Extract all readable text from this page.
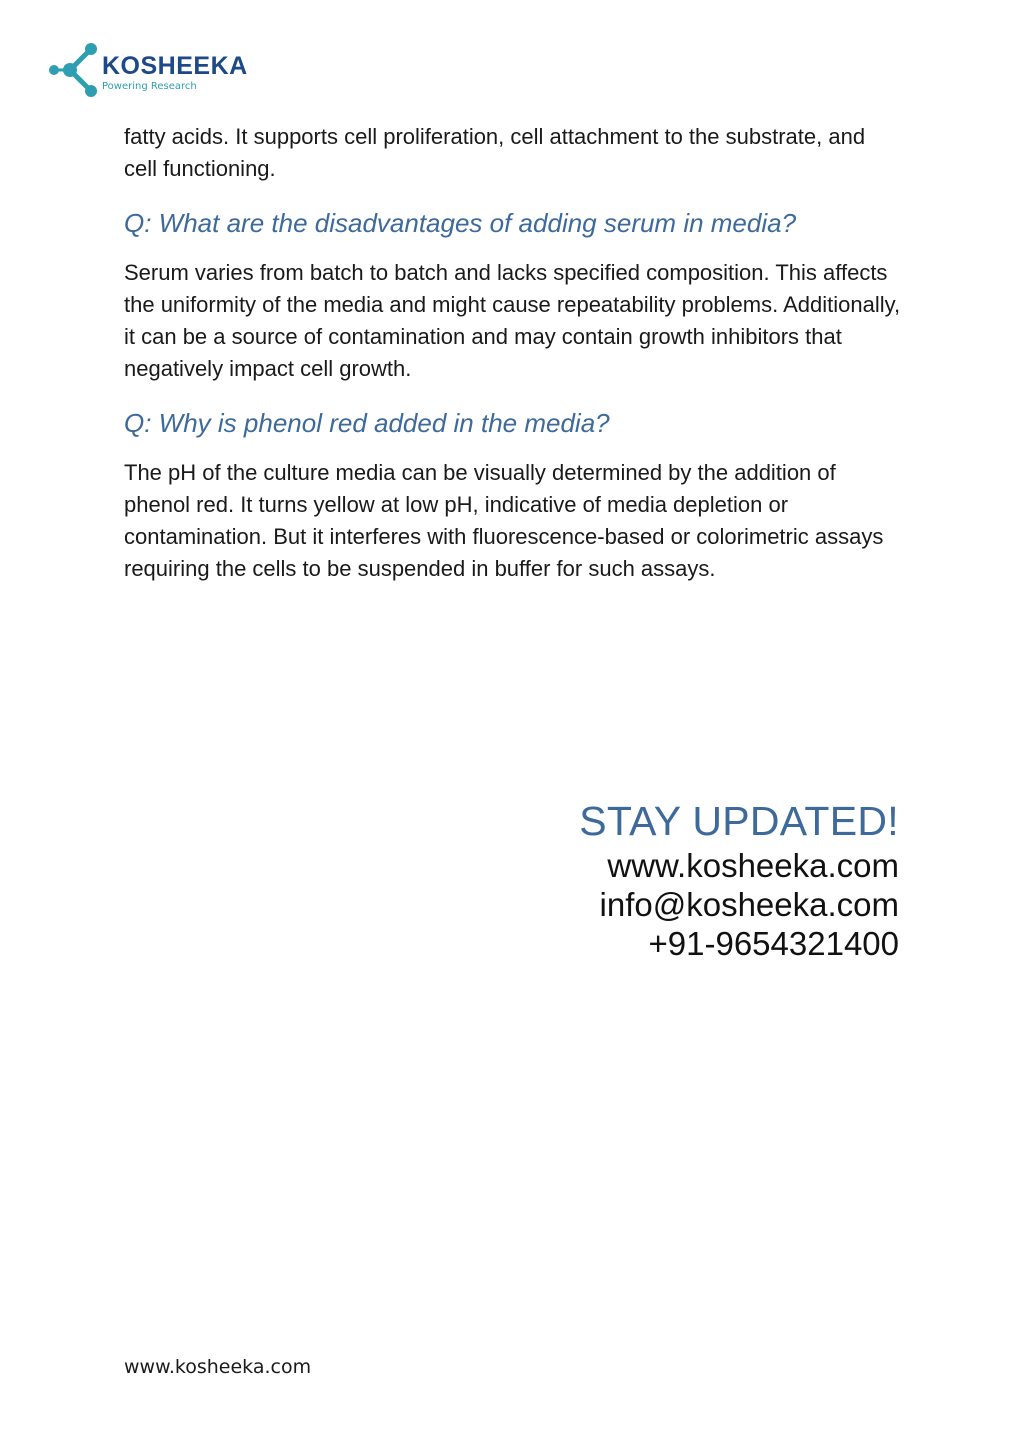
KOSHEEKA
Powering Research

fatty acids. It supports cell proliferation, cell attachment to the substrate, and cell functioning.

Q: What are the disadvantages of adding serum in media?

Serum varies from batch to batch and lacks specified composition. This affects the uniformity of the media and might cause repeatability problems. Additionally, it can be a source of contamination and may contain growth inhibitors that negatively impact cell growth.

Q: Why is phenol red added in the media?

The pH of the culture media can be visually determined by the addition of phenol red. It turns yellow at low pH, indicative of media depletion or contamination. But it interferes with fluorescence-based or colorimetric assays requiring the cells to be suspended in buffer for such assays.

STAY UPDATED!
www.kosheeka.com
info@kosheeka.com
+91-9654321400
www.kosheeka.com
